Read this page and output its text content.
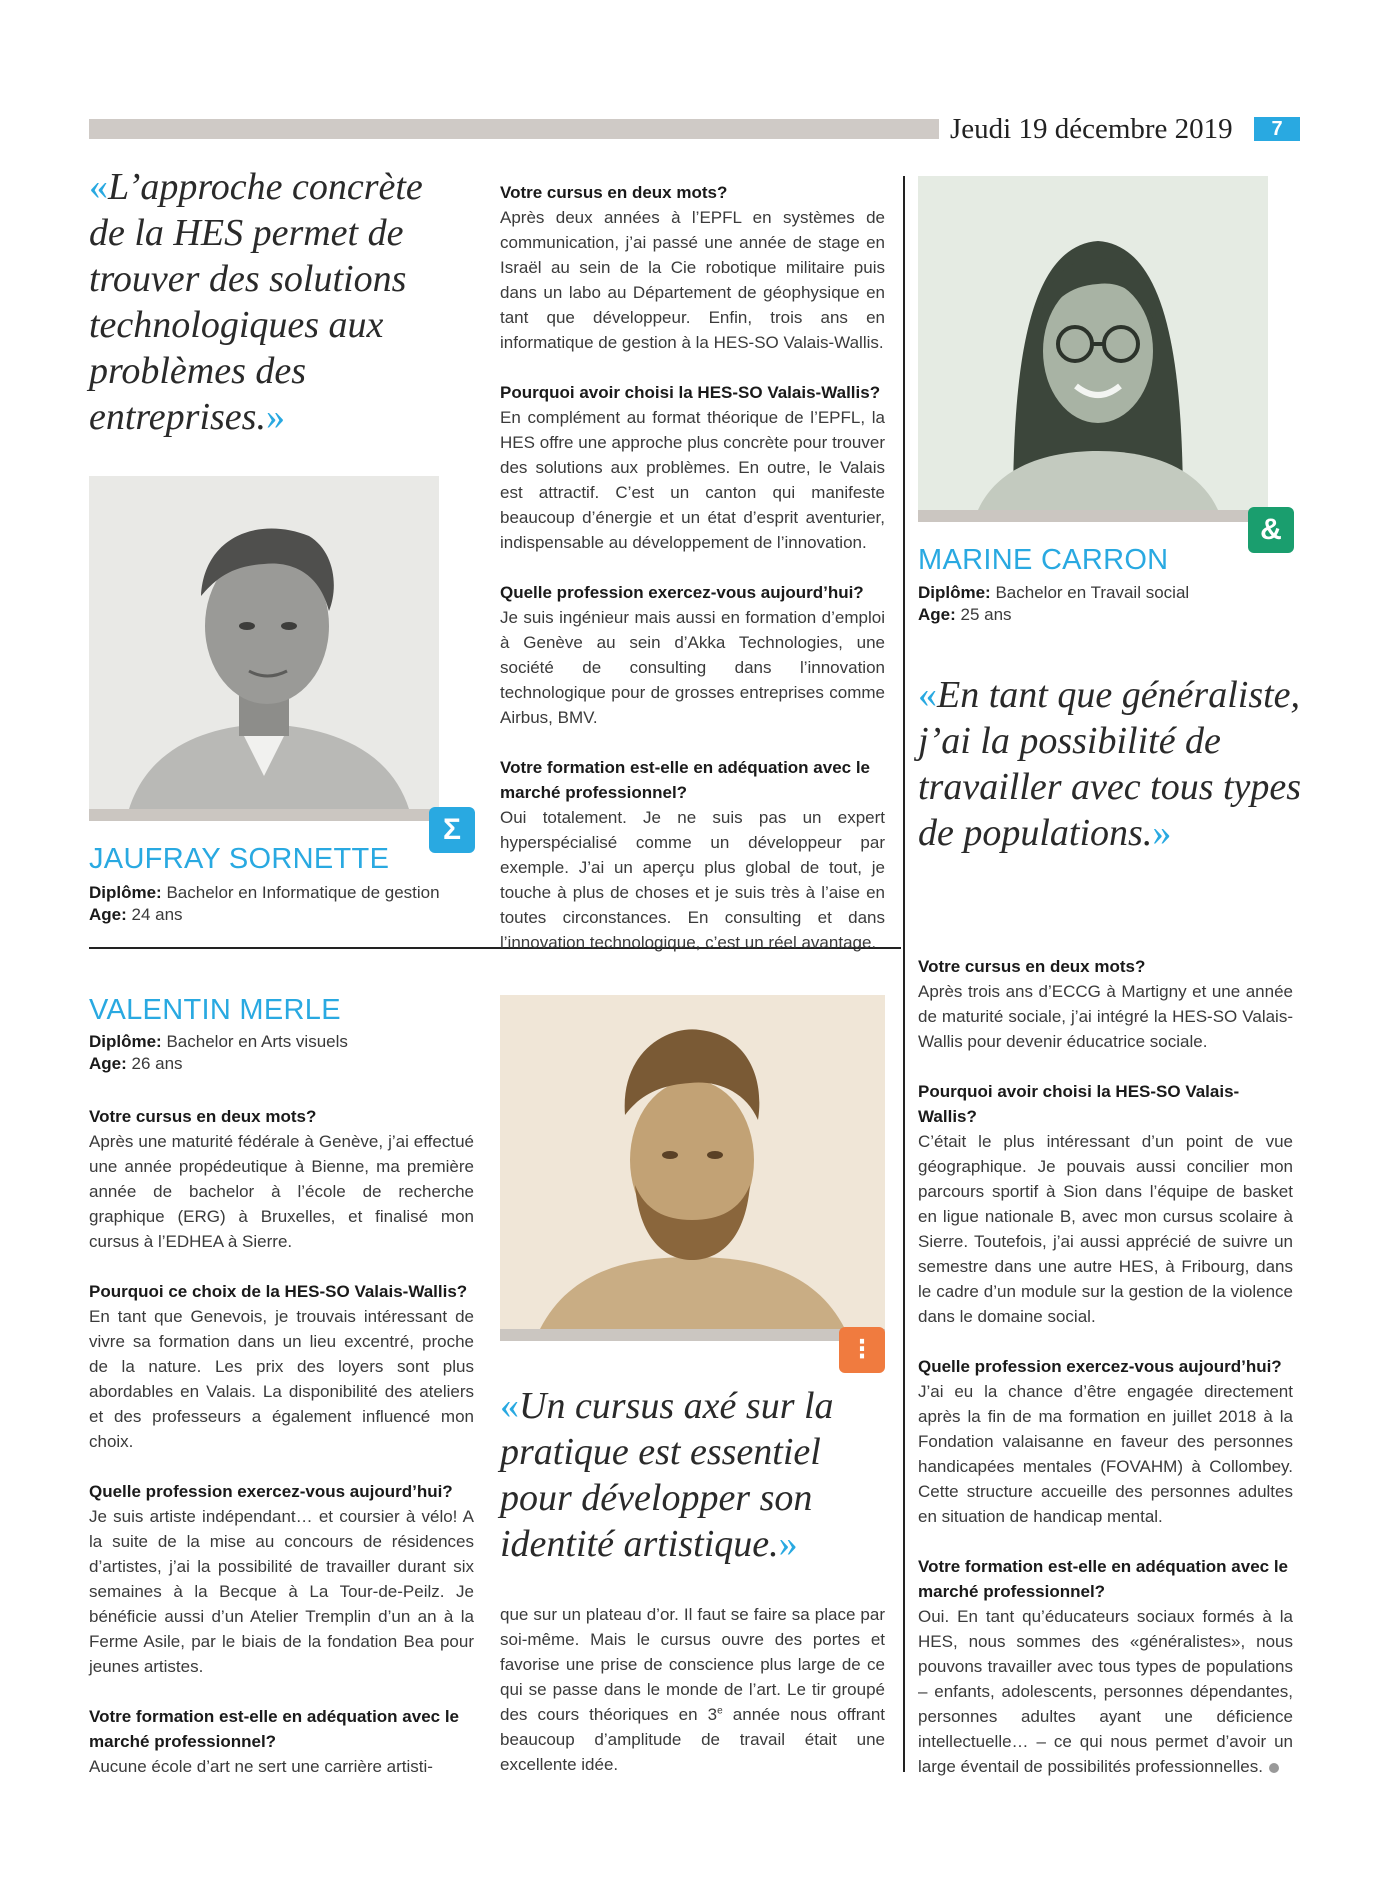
Jeudi 19 décembre 2019	7
«L’approche concrète de la HES permet de trouver des solutions technologiques aux problèmes des entreprises.»
Σ
JAUFRAY SORNETTE
Diplôme: Bachelor en Informatique de gestion
Age: 24 ans

Votre cursus en deux mots?

Après deux années à l’EPFL en systèmes de communication, j’ai passé une année de stage en Israël au sein de la Cie robotique militaire puis dans un labo au Département de géophysique en tant que développeur. Enfin, trois ans en informatique de gestion à la HES-SO Valais-Wallis.

Pourquoi avoir choisi la HES-SO Valais-Wallis?

En complément au format théorique de l’EPFL, la HES offre une approche plus concrète pour trouver des solutions aux problèmes. En outre, le Valais est attractif. C’est un canton qui manifeste beaucoup d’énergie et un état d’esprit aventurier, indispensable au développement de l’innovation.

Quelle profession exercez-vous aujourd’hui?

Je suis ingénieur mais aussi en formation d’emploi à Genève au sein d’Akka Technologies, une société de consulting dans l’innovation technologique pour de grosses entreprises comme Airbus, BMV.

Votre formation est-elle en adéquation avec le marché professionnel?

Oui totalement. Je ne suis pas un expert hyperspécialisé comme un développeur par exemple. J’ai un aperçu plus global de tout, je touche à plus de choses et je suis très à l’aise en toutes circonstances. En consulting et dans l’innovation technologique, c’est un réel avantage.

&
MARINE CARRON
Diplôme: Bachelor en Travail social
Age: 25 ans
«En tant que généraliste, j’ai la possibilité de travailler avec tous types de populations.»

Votre cursus en deux mots?

Après trois ans d’ECCG à Martigny et une année de maturité sociale, j’ai intégré la HES-SO Valais-Wallis pour devenir éducatrice sociale.

Pourquoi avoir choisi la HES-SO Valais-Wallis?

C’était le plus intéressant d’un point de vue géographique. Je pouvais aussi concilier mon parcours sportif à Sion dans l’équipe de basket en ligue nationale B, avec mon cursus scolaire à Sierre. Toutefois, j’ai aussi apprécié de suivre un semestre dans une autre HES, à Fribourg, dans le cadre d’un module sur la gestion de la violence dans le domaine social.

Quelle profession exercez-vous aujourd’hui?

J’ai eu la chance d’être engagée directement après la fin de ma formation en juillet 2018 à la Fondation valaisanne en faveur des personnes handicapées mentales (FOVAHM) à Collombey. Cette structure accueille des personnes adultes en situation de handicap mental.

Votre formation est-elle en adéquation avec le marché professionnel?

Oui. En tant qu’éducateurs sociaux formés à la HES, nous sommes des «généralistes», nous pouvons travailler avec tous types de populations – enfants, adolescents, personnes dépendantes, personnes adultes ayant une déficience intellectuelle… – ce qui nous permet d’avoir un large éventail de possibilités professionnelles.

VALENTIN MERLE
Diplôme: Bachelor en Arts visuels
Age: 26 ans

Votre cursus en deux mots?

Après une maturité fédérale à Genève, j’ai effectué une année propédeutique à Bienne, ma première année de bachelor à l’école de recherche graphique (ERG) à Bruxelles, et finalisé mon cursus à l’EDHEA à Sierre.

Pourquoi ce choix de la HES-SO Valais-Wallis?

En tant que Genevois, je trouvais intéressant de vivre sa formation dans un lieu excentré, proche de la nature. Les prix des loyers sont plus abordables en Valais. La disponibilité des ateliers et des professeurs a également influencé mon choix.

Quelle profession exercez-vous aujourd’hui?

Je suis artiste indépendant… et coursier à vélo! A la suite de la mise au concours de résidences d’artistes, j’ai la possibilité de travailler durant six semaines à la Becque à La Tour-de-Peilz. Je bénéficie aussi d’un Atelier Tremplin d’un an à la Ferme Asile, par le biais de la fondation Bea pour jeunes artistes.

Votre formation est-elle en adéquation avec le marché professionnel?

Aucune école d’art ne sert une carrière artisti-

⁝
«Un cursus axé sur la pratique est essentiel pour développer son identité artistique.»

que sur un plateau d’or. Il faut se faire sa place par soi-même. Mais le cursus ouvre des portes et favorise une prise de conscience plus large de ce qui se passe dans le monde de l’art. Le tir groupé des cours théoriques en 3e année nous offrant beaucoup d’amplitude de travail était une excellente idée.
